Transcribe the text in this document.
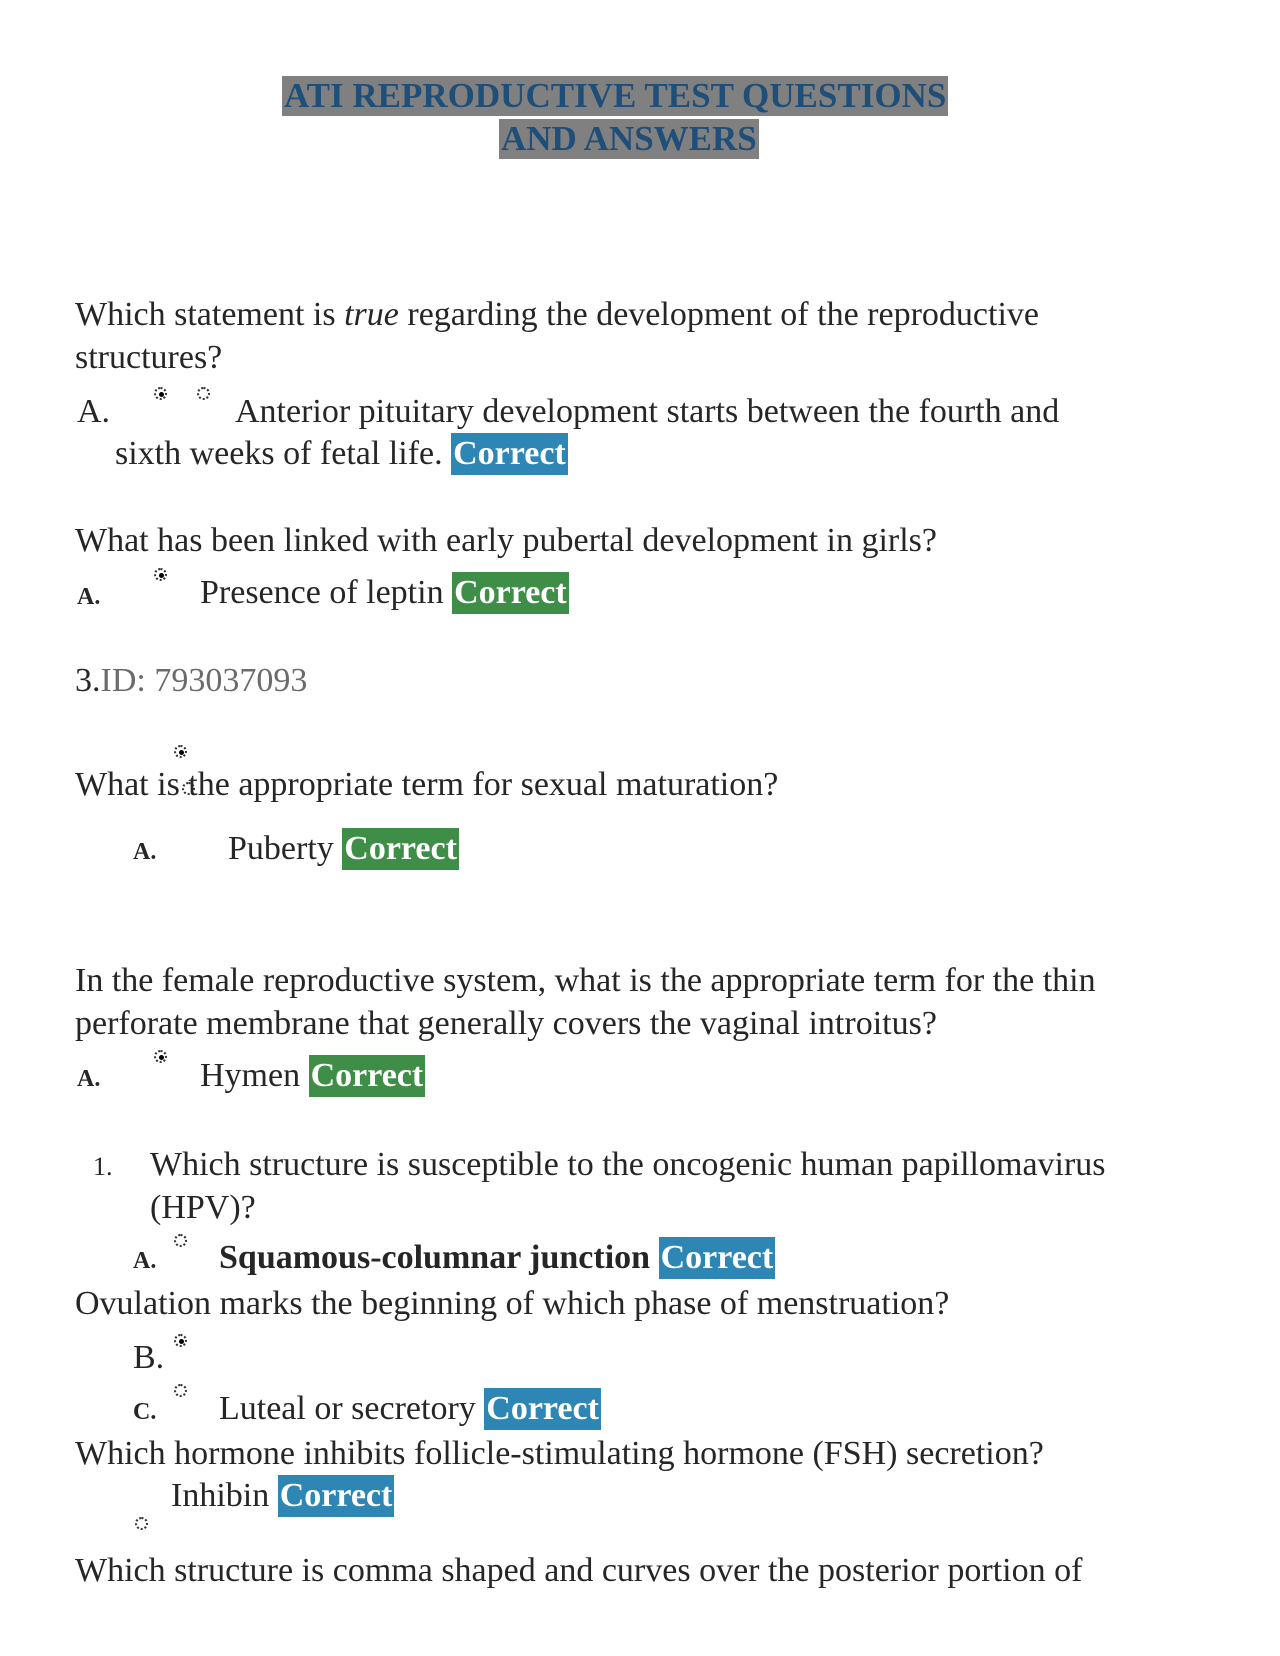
ATI REPRODUCTIVE TEST QUESTIONS
AND ANSWERS
Which statement is true regarding the development of the reproductive
structures?
A.	Anterior pituitary development starts between the fourth and
sixth weeks of fetal life. Correct
What has been linked with early pubertal development in girls?
A.	Presence of leptin Correct
3.ID: 793037093
What is the appropriate term for sexual maturation?
A. Puberty Correct
In the female reproductive system, what is the appropriate term for the thin
perforate membrane that generally covers the vaginal introitus?
A.	Hymen Correct
1. Which structure is susceptible to the oncogenic human papillomavirus
(HPV)?
A. Squamous-columnar junction Correct
Ovulation marks the beginning of which phase of menstruation?
B.
C. Luteal or secretory Correct
Which hormone inhibits follicle-stimulating hormone (FSH) secretion?
Inhibin Correct
Which structure is comma shaped and curves over the posterior portion of
